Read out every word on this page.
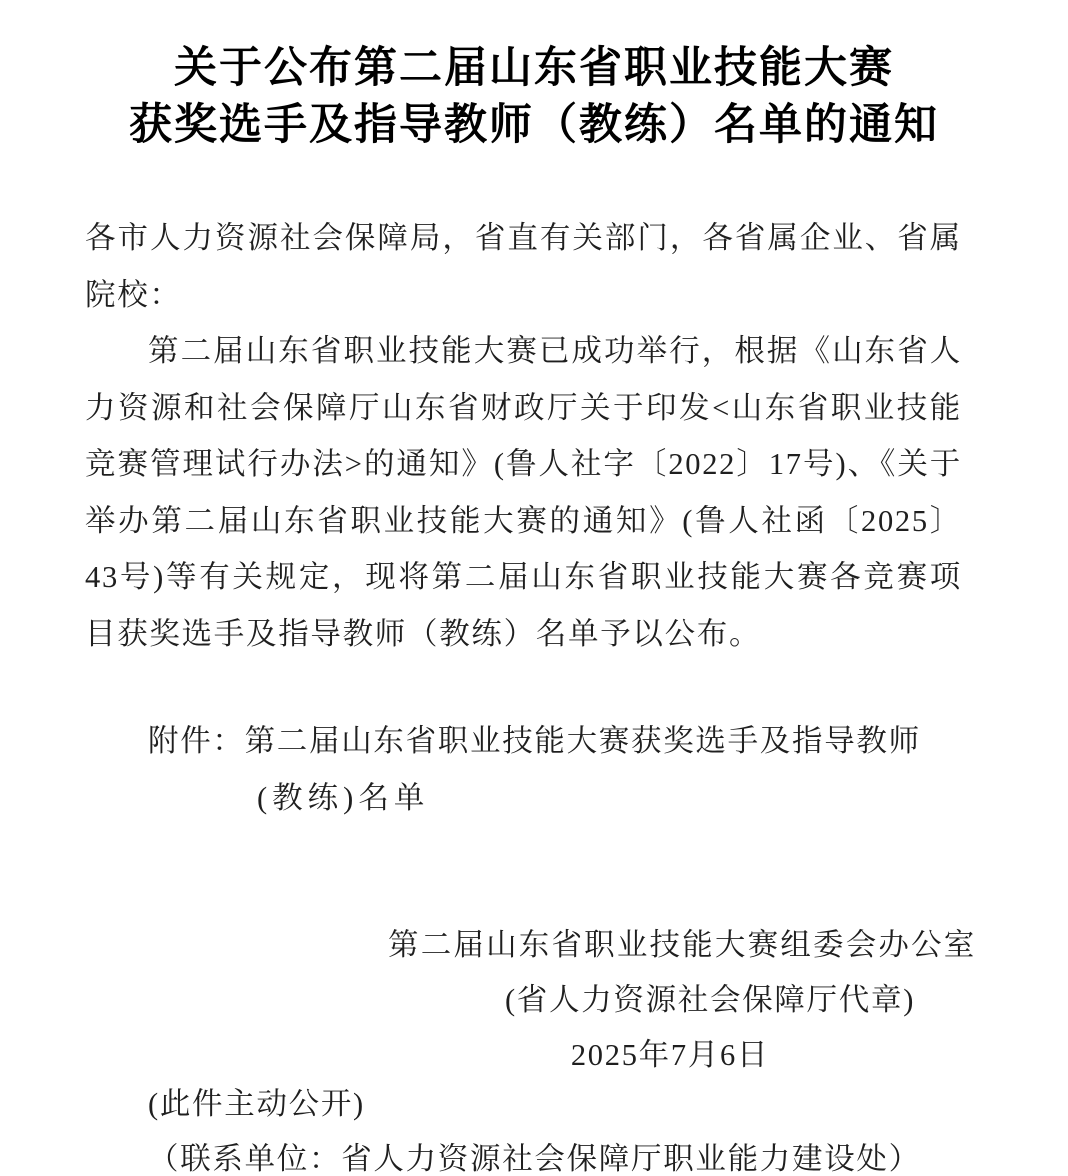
关于公布第二届山东省职业技能大赛
获奖选手及指导教师（教练）名单的通知
各市人力资源社会保障局，省直有关部门，各省属企业、省属
院校：
第二届山东省职业技能大赛已成功举行，根据《山东省人
力资源和社会保障厅山东省财政厅关于印发<山东省职业技能
竞赛管理试行办法>的通知》(鲁人社字〔2022〕17号)、《关于
举办第二届山东省职业技能大赛的通知》(鲁人社函〔2025〕
43号)等有关规定，现将第二届山东省职业技能大赛各竞赛项
目获奖选手及指导教师（教练）名单予以公布。
附件：第二届山东省职业技能大赛获奖选手及指导教师
(教练)名单
第二届山东省职业技能大赛组委会办公室
(省人力资源社会保障厅代章)
2025年7月6日
(此件主动公开)
（联系单位：省人力资源社会保障厅职业能力建设处）
